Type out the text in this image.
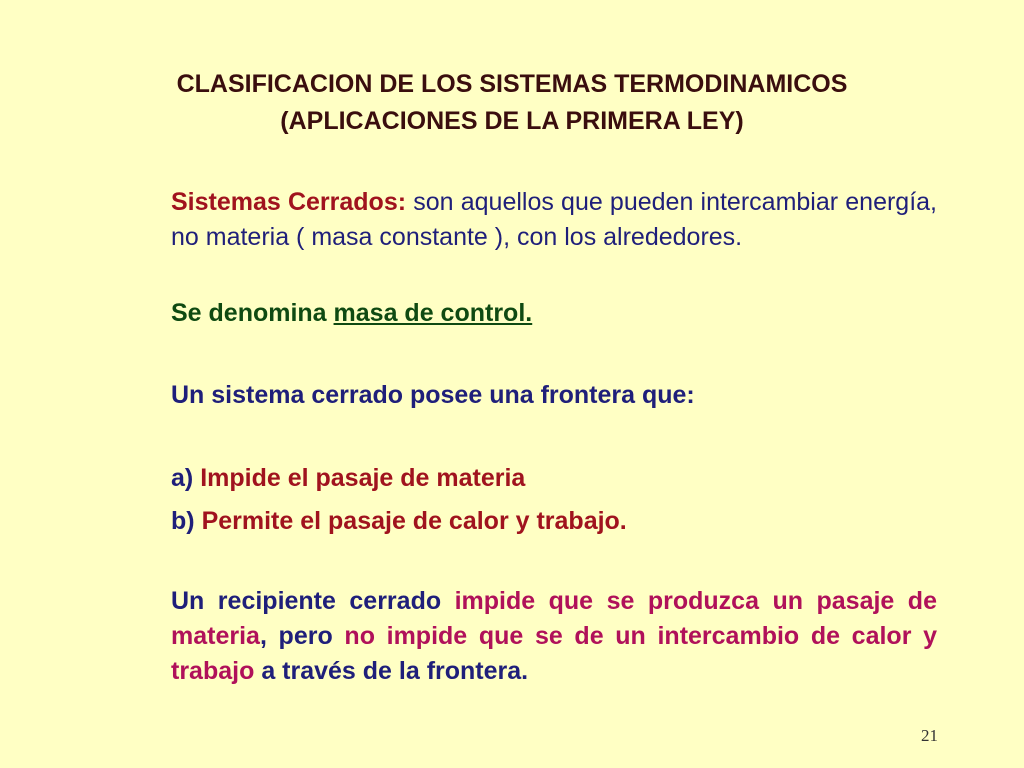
CLASIFICACION DE LOS SISTEMAS TERMODINAMICOS
(APLICACIONES DE LA PRIMERA LEY)
Sistemas Cerrados: son aquellos que pueden intercambiar energía, no materia ( masa constante ), con los alrededores.
Se denomina masa de control.
Un sistema cerrado posee una frontera que:
a) Impide el pasaje de materia
b) Permite el pasaje de calor y trabajo.
Un recipiente cerrado impide que se produzca un pasaje de materia, pero no impide que se de un intercambio de calor y trabajo a través de la frontera.
21
